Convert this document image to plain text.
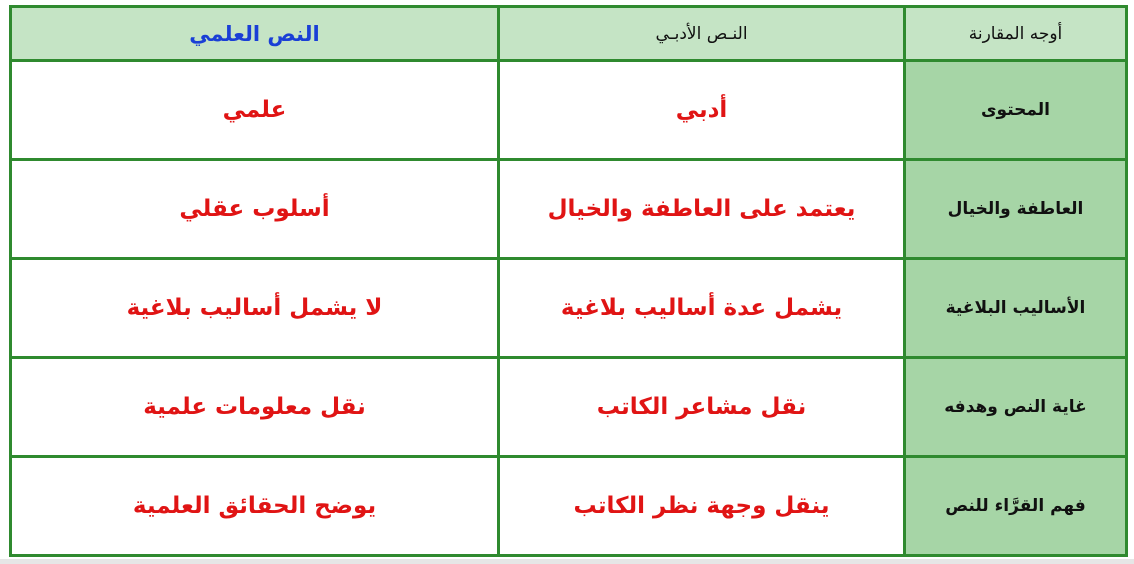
أوجه المقارنة	النـص الأدبـي	النص العلمي
المحتوى	أدبي	علمي
العاطفة والخيال	يعتمد على العاطفة والخيال	أسلوب عقلي
الأساليب البلاغية	يشمل عدة أساليب بلاغية	لا يشمل أساليب بلاغية
غاية النص وهدفه	نقل مشاعر الكاتب	نقل معلومات علمية
فهم القرَّاء للنص	ينقل وجهة نظر الكاتب	يوضح الحقائق العلمية
